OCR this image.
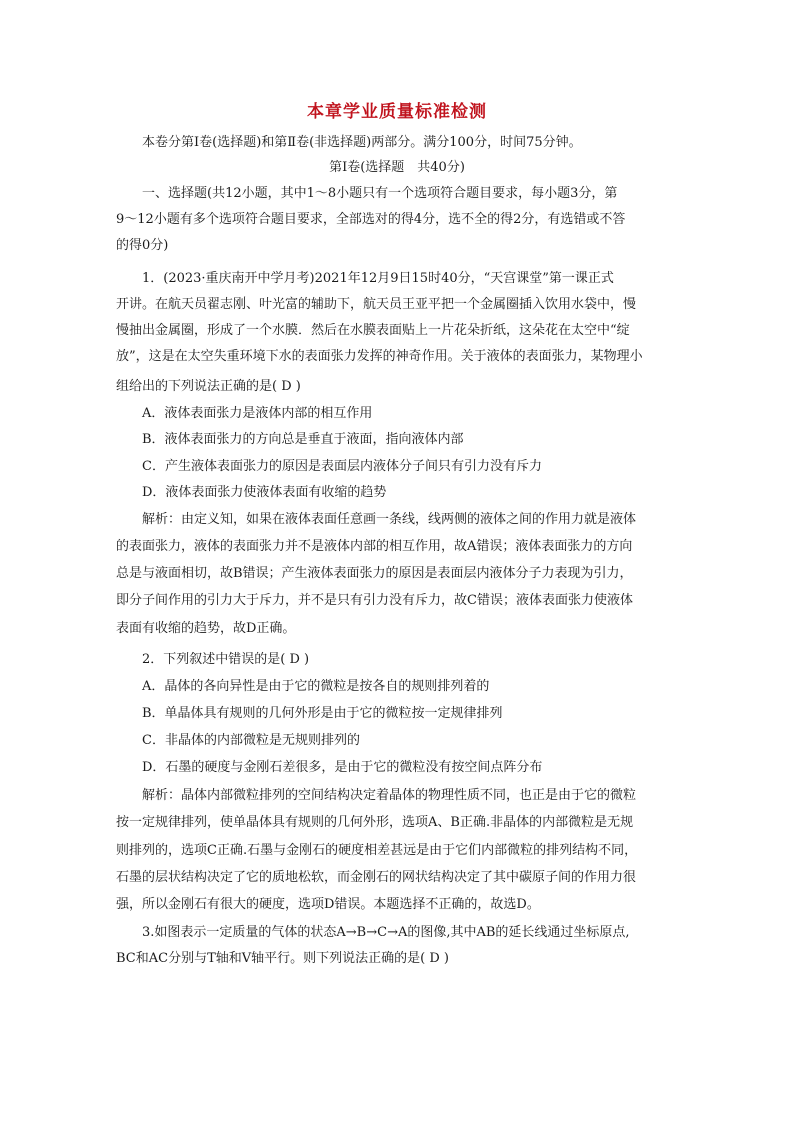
本章学业质量标准检测
本卷分第Ⅰ卷(选择题)和第Ⅱ卷(非选择题)两部分。满分100分，时间75分钟。
第Ⅰ卷(选择题　共40分)
一、选择题(共12小题，其中1～8小题只有一个选项符合题目要求，每小题3分，第
9～12小题有多个选项符合题目要求，全部选对的得4分，选不全的得2分，有选错或不答
的得0分)
1．(2023·重庆南开中学月考)2021年12月9日15时40分，“天宫课堂”第一课正式
开讲。在航天员翟志刚、叶光富的辅助下，航天员王亚平把一个金属圈插入饮用水袋中，慢
慢抽出金属圈，形成了一个水膜．然后在水膜表面贴上一片花朵折纸，这朵花在太空中“绽
放”，这是在太空失重环境下水的表面张力发挥的神奇作用。关于液体的表面张力，某物理小
组给出的下列说法正确的是( D )
A．液体表面张力是液体内部的相互作用
B．液体表面张力的方向总是垂直于液面，指向液体内部
C．产生液体表面张力的原因是表面层内液体分子间只有引力没有斥力
D．液体表面张力使液体表面有收缩的趋势
解析：由定义知，如果在液体表面任意画一条线，线两侧的液体之间的作用力就是液体
的表面张力，液体的表面张力并不是液体内部的相互作用，故A错误；液体表面张力的方向
总是与液面相切，故B错误；产生液体表面张力的原因是表面层内液体分子力表现为引力，
即分子间作用的引力大于斥力，并不是只有引力没有斥力，故C错误；液体表面张力使液体
表面有收缩的趋势，故D正确。
2．下列叙述中错误的是( D )
A．晶体的各向异性是由于它的微粒是按各自的规则排列着的
B．单晶体具有规则的几何外形是由于它的微粒按一定规律排列
C．非晶体的内部微粒是无规则排列的
D．石墨的硬度与金刚石差很多，是由于它的微粒没有按空间点阵分布
解析：晶体内部微粒排列的空间结构决定着晶体的物理性质不同，也正是由于它的微粒
按一定规律排列，使单晶体具有规则的几何外形，选项A、B正确.非晶体的内部微粒是无规
则排列的，选项C正确.石墨与金刚石的硬度相差甚远是由于它们内部微粒的排列结构不同，
石墨的层状结构决定了它的质地松软，而金刚石的网状结构决定了其中碳原子间的作用力很
强，所以金刚石有很大的硬度，选项D错误。本题选择不正确的，故选D。
3.如图表示一定质量的气体的状态A→B→C→A的图像,其中AB的延长线通过坐标原点,
BC和AC分别与T轴和V轴平行。则下列说法正确的是( D )
